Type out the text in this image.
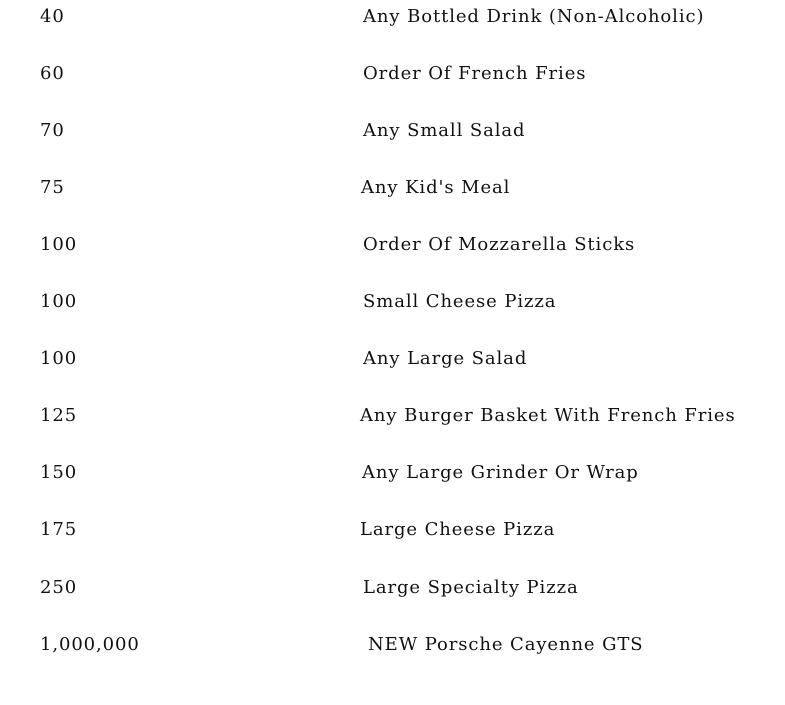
40	Any Bottled Drink (Non-Alcoholic)
60	Order Of French Fries
70	Any Small Salad
75	Any Kid's Meal
100	Order Of Mozzarella Sticks
100	Small Cheese Pizza
100	Any Large Salad
125	Any Burger Basket With French Fries
150	Any Large Grinder Or Wrap
175	Large Cheese Pizza
250	Large Specialty Pizza
1,000,000	NEW Porsche Cayenne GTS
